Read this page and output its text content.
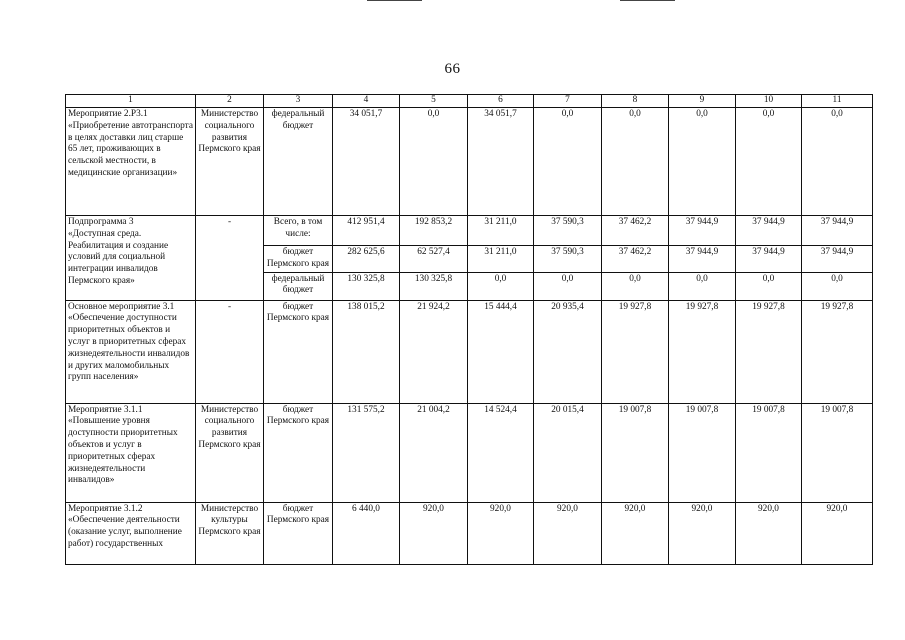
66
1	2	3	4	5	6	7	8	9	10	11
Мероприятие 2.Р3.1
«Приобретение автотранспорта в целях доставки лиц старше 65 лет, проживающих в сельской местности, в медицинские организации»	Министерство социального развития Пермского края	федеральный бюджет	34 051,7	0,0	34 051,7	0,0	0,0	0,0	0,0	0,0
Подпрограмма 3
«Доступная среда. Реабилитация и создание условий для социальной интеграции инвалидов Пермского края»	-	Всего, в том числе:	412 951,4	192 853,2	31 211,0	37 590,3	37 462,2	37 944,9	37 944,9	37 944,9
		бюджет Пермского края	282 625,6	62 527,4	31 211,0	37 590,3	37 462,2	37 944,9	37 944,9	37 944,9
		федеральный бюджет	130 325,8	130 325,8	0,0	0,0	0,0	0,0	0,0	0,0
Основное мероприятие 3.1 «Обеспечение доступности приоритетных объектов и услуг в приоритетных сферах жизнедеятельности инвалидов и других маломобильных групп населения»	-	бюджет Пермского края	138 015,2	21 924,2	15 444,4	20 935,4	19 927,8	19 927,8	19 927,8	19 927,8
Мероприятие 3.1.1
«Повышение уровня доступности приоритетных объектов и услуг в приоритетных сферах жизнедеятельности инвалидов»	Министерство социального развития Пермского края	бюджет Пермского края	131 575,2	21 004,2	14 524,4	20 015,4	19 007,8	19 007,8	19 007,8	19 007,8
Мероприятие 3.1.2
«Обеспечение деятельности (оказание услуг, выполнение работ) государственных	Министерство культуры Пермского края	бюджет Пермского края	6 440,0	920,0	920,0	920,0	920,0	920,0	920,0	920,0
